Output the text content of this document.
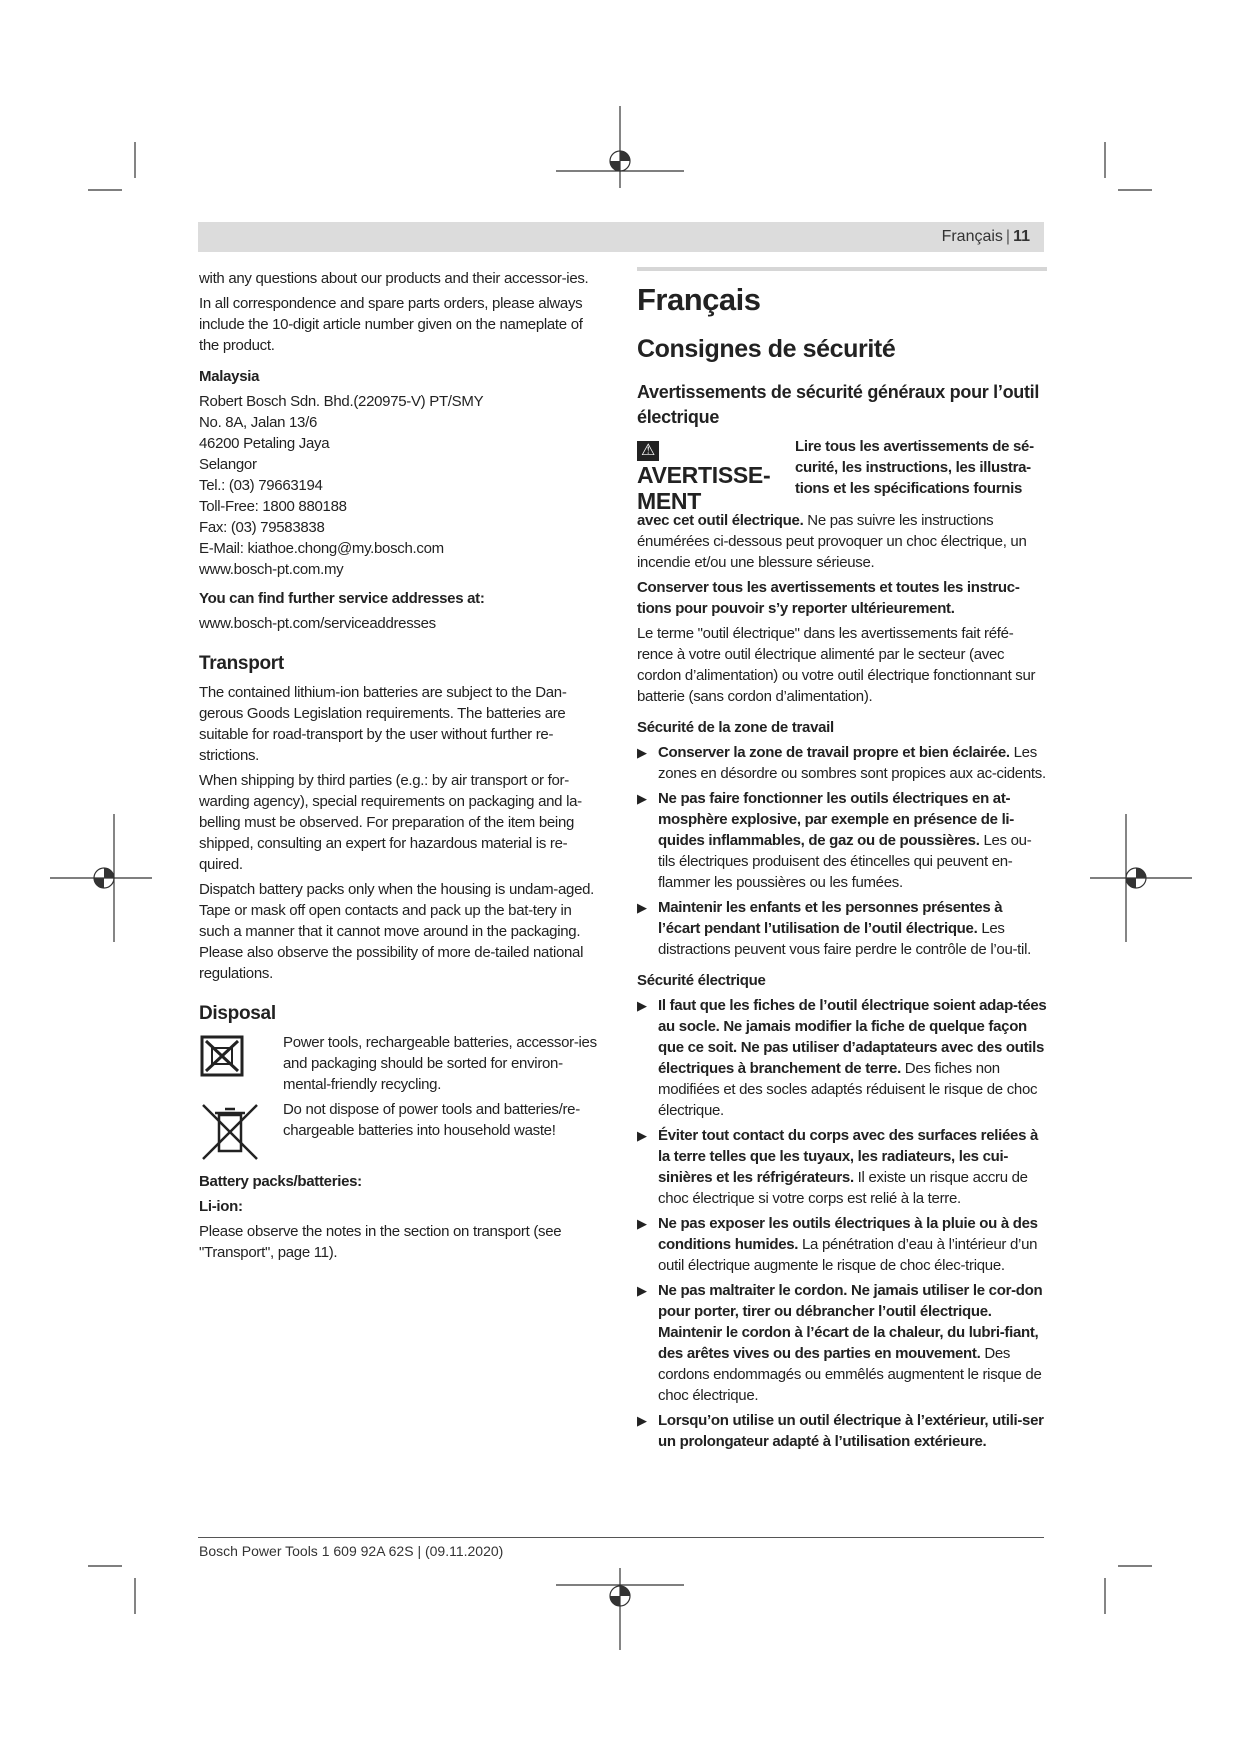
Français | 11

with any questions about our products and their accessor-ies.

In all correspondence and spare parts orders, please always include the 10-digit article number given on the nameplate of the product.

Malaysia
Robert Bosch Sdn. Bhd.(220975-V) PT/SMY
No. 8A, Jalan 13/6
46200 Petaling Jaya
Selangor
Tel.: (03) 79663194
Toll-Free: 1800 880188
Fax: (03) 79583838
E-Mail: kiathoe.chong@my.bosch.com
www.bosch-pt.com.my
You can find further service addresses at:

www.bosch-pt.com/serviceaddresses

Transport

The contained lithium-ion batteries are subject to the Dan-gerous Goods Legislation requirements. The batteries are suitable for road-transport by the user without further re-strictions.

When shipping by third parties (e.g.: by air transport or for-warding agency), special requirements on packaging and la-belling must be observed. For preparation of the item being shipped, consulting an expert for hazardous material is re-quired.

Dispatch battery packs only when the housing is undam-aged. Tape or mask off open contacts and pack up the bat-tery in such a manner that it cannot move around in the packaging. Please also observe the possibility of more de-tailed national regulations.

Disposal

Power tools, rechargeable batteries, accessor-ies and packaging should be sorted for environ-mental-friendly recycling.

Do not dispose of power tools and batteries/re-chargeable batteries into household waste!

Battery packs/batteries:
Li-ion:

Please observe the notes in the section on transport (see "Transport", page 11).

Français
Consignes de sécurité
Avertissements de sécurité généraux pour l’outil électrique
⚠AVERTISSE-
MENT
Lire tous les avertissements de sé-curité, les instructions, les illustra-tions et les spécifications fournis

avec cet outil électrique. Ne pas suivre les instructions énumérées ci-dessous peut provoquer un choc électrique, un incendie et/ou une blessure sérieuse.

Conserver tous les avertissements et toutes les instruc-tions pour pouvoir s’y reporter ultérieurement.

Le terme "outil électrique" dans les avertissements fait réfé-rence à votre outil électrique alimenté par le secteur (avec cordon d’alimentation) ou votre outil électrique fonctionnant sur batterie (sans cordon d’alimentation).

Sécurité de la zone de travail
▶ Conserver la zone de travail propre et bien éclairée. Les zones en désordre ou sombres sont propices aux ac-cidents.
▶ Ne pas faire fonctionner les outils électriques en at-mosphère explosive, par exemple en présence de li-quides inflammables, de gaz ou de poussières. Les ou-tils électriques produisent des étincelles qui peuvent en-flammer les poussières ou les fumées.
▶ Maintenir les enfants et les personnes présentes à l’écart pendant l’utilisation de l’outil électrique. Les distractions peuvent vous faire perdre le contrôle de l’ou-til.
Sécurité électrique
▶ Il faut que les fiches de l’outil électrique soient adap-tées au socle. Ne jamais modifier la fiche de quelque façon que ce soit. Ne pas utiliser d’adaptateurs avec des outils électriques à branchement de terre. Des fiches non modifiées et des socles adaptés réduisent le risque de choc électrique.
▶ Éviter tout contact du corps avec des surfaces reliées à la terre telles que les tuyaux, les radiateurs, les cui-sinières et les réfrigérateurs. Il existe un risque accru de choc électrique si votre corps est relié à la terre.
▶ Ne pas exposer les outils électriques à la pluie ou à des conditions humides. La pénétration d’eau à l’intérieur d’un outil électrique augmente le risque de choc élec-trique.
▶ Ne pas maltraiter le cordon. Ne jamais utiliser le cor-don pour porter, tirer ou débrancher l’outil électrique. Maintenir le cordon à l’écart de la chaleur, du lubri-fiant, des arêtes vives ou des parties en mouvement. Des cordons endommagés ou emmêlés augmentent le risque de choc électrique.
▶ Lorsqu’on utilise un outil électrique à l’extérieur, utili-ser un prolongateur adapté à l’utilisation extérieure.
Bosch Power Tools 1 609 92A 62S | (09.11.2020)
